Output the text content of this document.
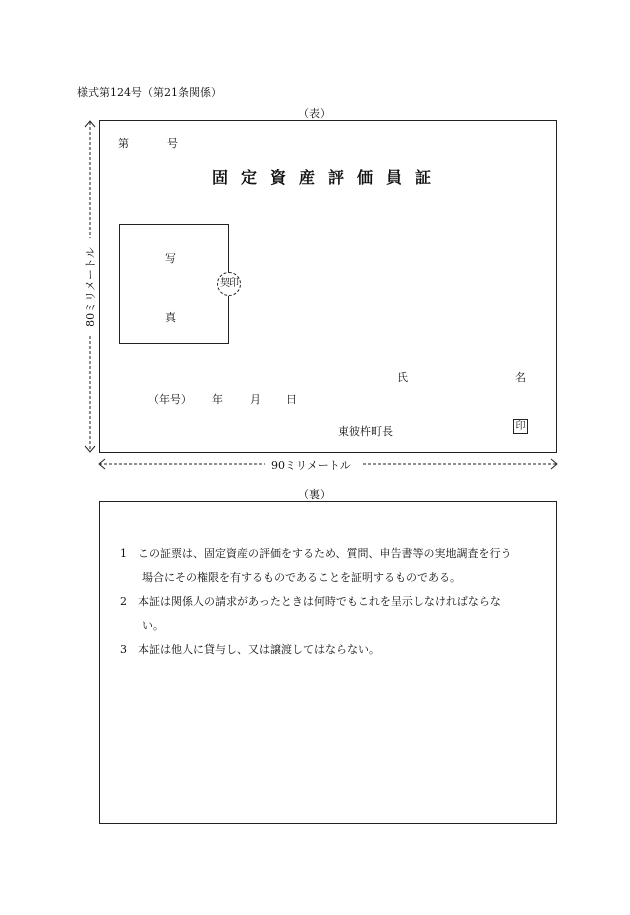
様式第124号（第21条関係）
（表）
80ミリメートル
第	号
固定資産評価員証
写
真
契印
氏	名
（年号） 年 月 日
東彼杵町長	印
90ミリメートル
（裏）
1 この証票は、固定資産の評価をするため、質問、申告書等の実地調査を行う
場合にその権限を有するものであることを証明するものである。
2 本証は関係人の請求があったときは何時でもこれを呈示しなければならな
い。
3 本証は他人に貸与し、又は譲渡してはならない。
